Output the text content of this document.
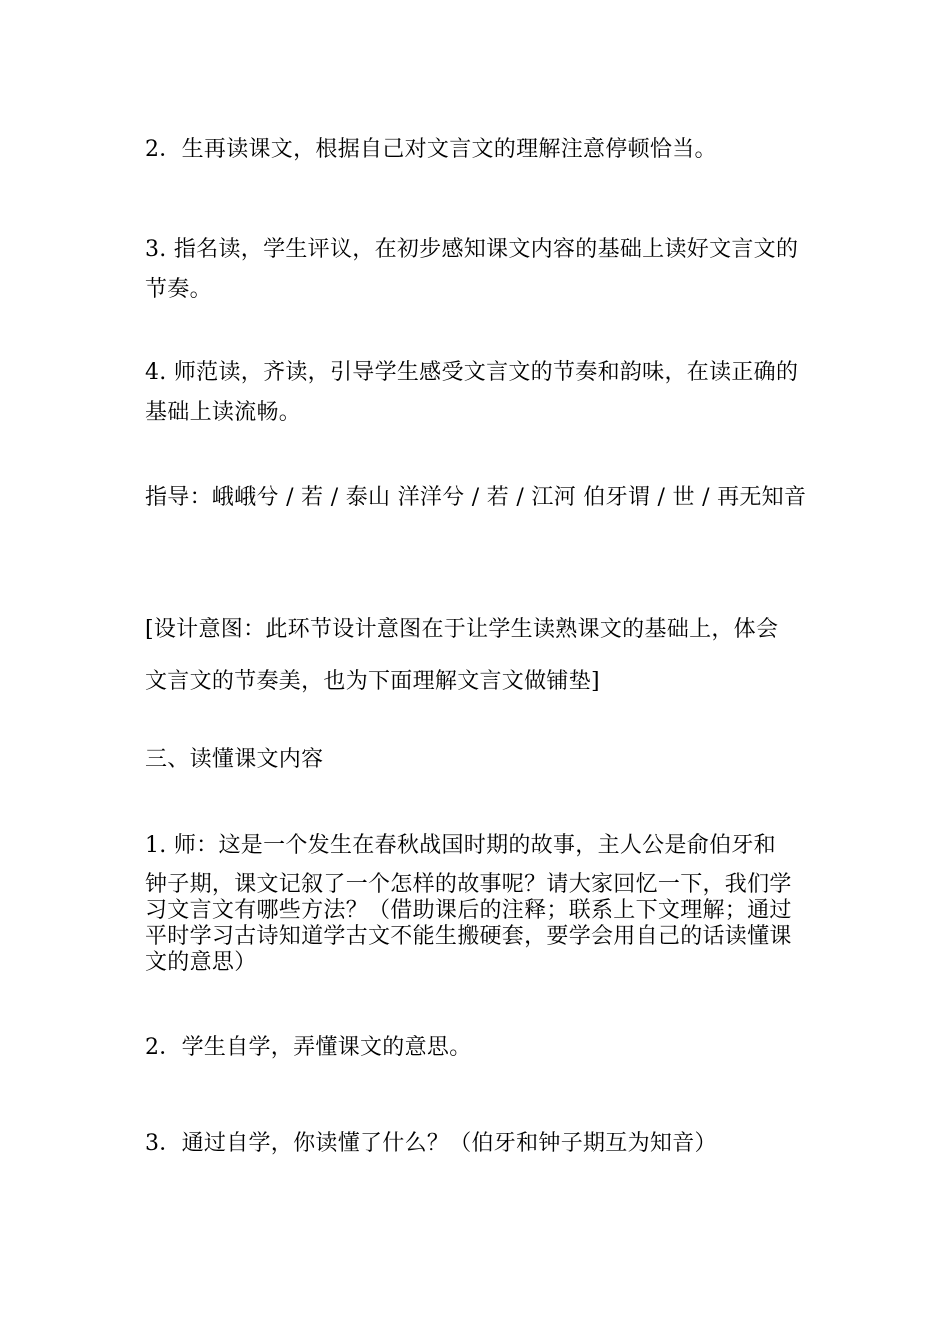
2．生再读课文，根据自己对文言文的理解注意停顿恰当。

3. 指名读，学生评议，在初步感知课文内容的基础上读好文言文的节奏。

4. 师范读，齐读，引导学生感受文言文的节奏和韵味，在读正确的基础上读流畅。

指导：峨峨兮 / 若 / 泰山 洋洋兮 / 若 / 江河 伯牙谓 / 世 / 再无知音

[设计意图：此环节设计意图在于让学生读熟课文的基础上，体会
文言文的节奏美，也为下面理解文言文做铺垫]

三、读懂课文内容

1. 师：这是一个发生在春秋战国时期的故事，主人公是俞伯牙和
钟子期，课文记叙了一个怎样的故事呢？请大家回忆一下，我们学习文言文有哪些方法？（借助课后的注释；联系上下文理解；通过平时学习古诗知道学古文不能生搬硬套，要学会用自己的话读懂课文的意思）

2．学生自学，弄懂课文的意思。

3．通过自学，你读懂了什么？（伯牙和钟子期互为知音）
